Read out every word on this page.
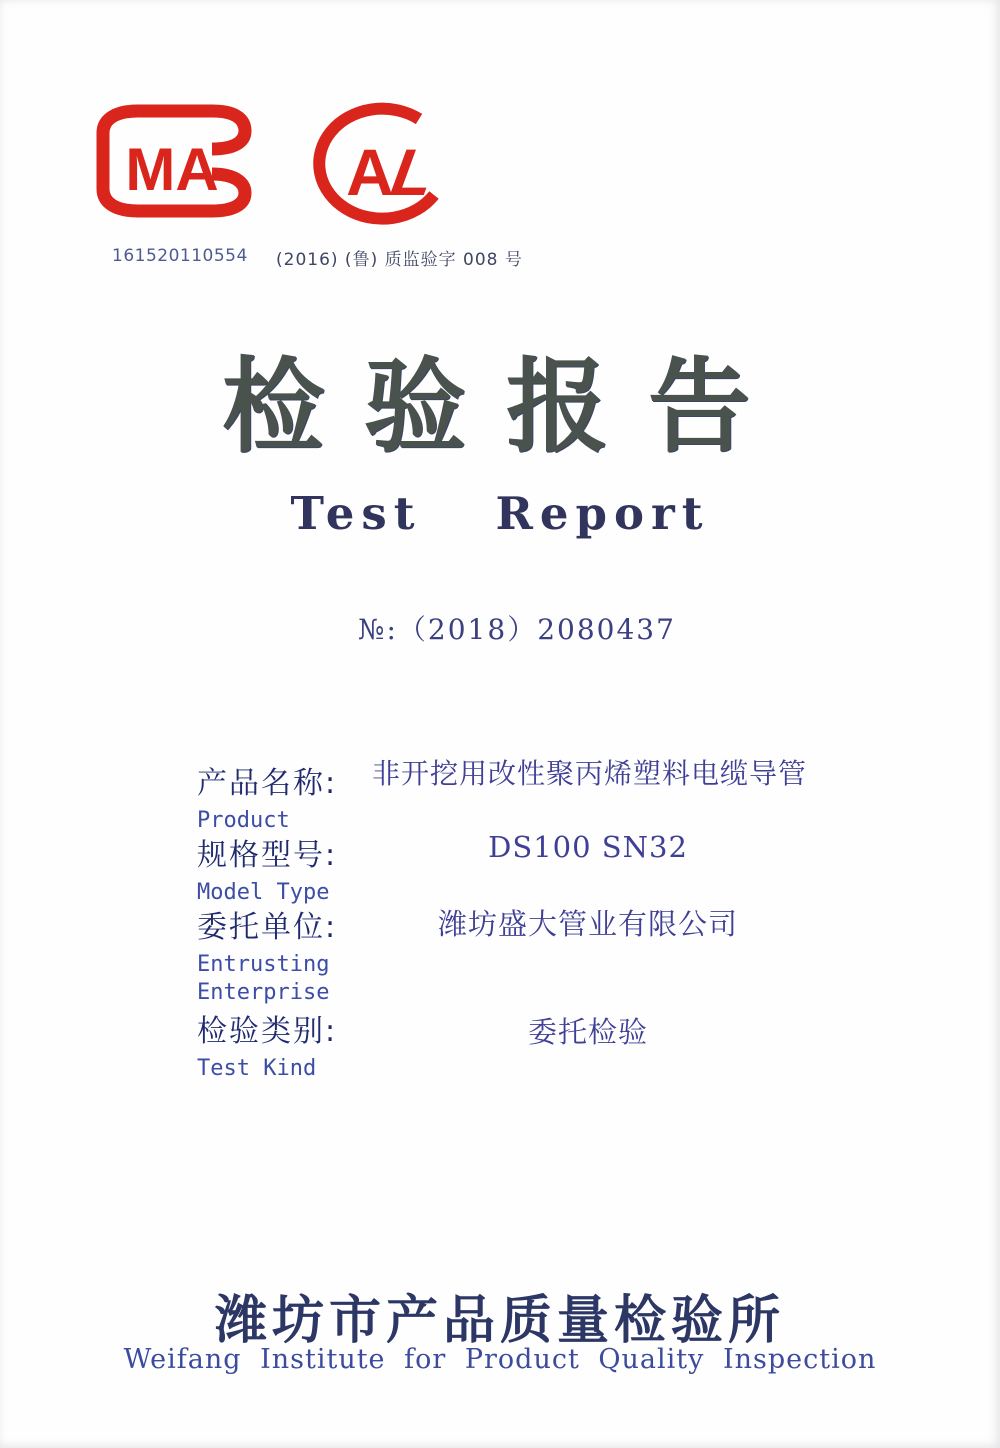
MA A
L
161520110554 (2016) (鲁) 质监验字 008 号
检验报告
Test Report
№:（2018）2080437
产品名称:
Product
非开挖用改性聚丙烯塑料电缆导管
规格型号:
Model Type
DS100 SN32
委托单位:
Entrusting
Enterprise
潍坊盛大管业有限公司
检验类别:
Test Kind
委托检验
潍坊市产品质量检验所
Weifang Institute for Product Quality Inspection
